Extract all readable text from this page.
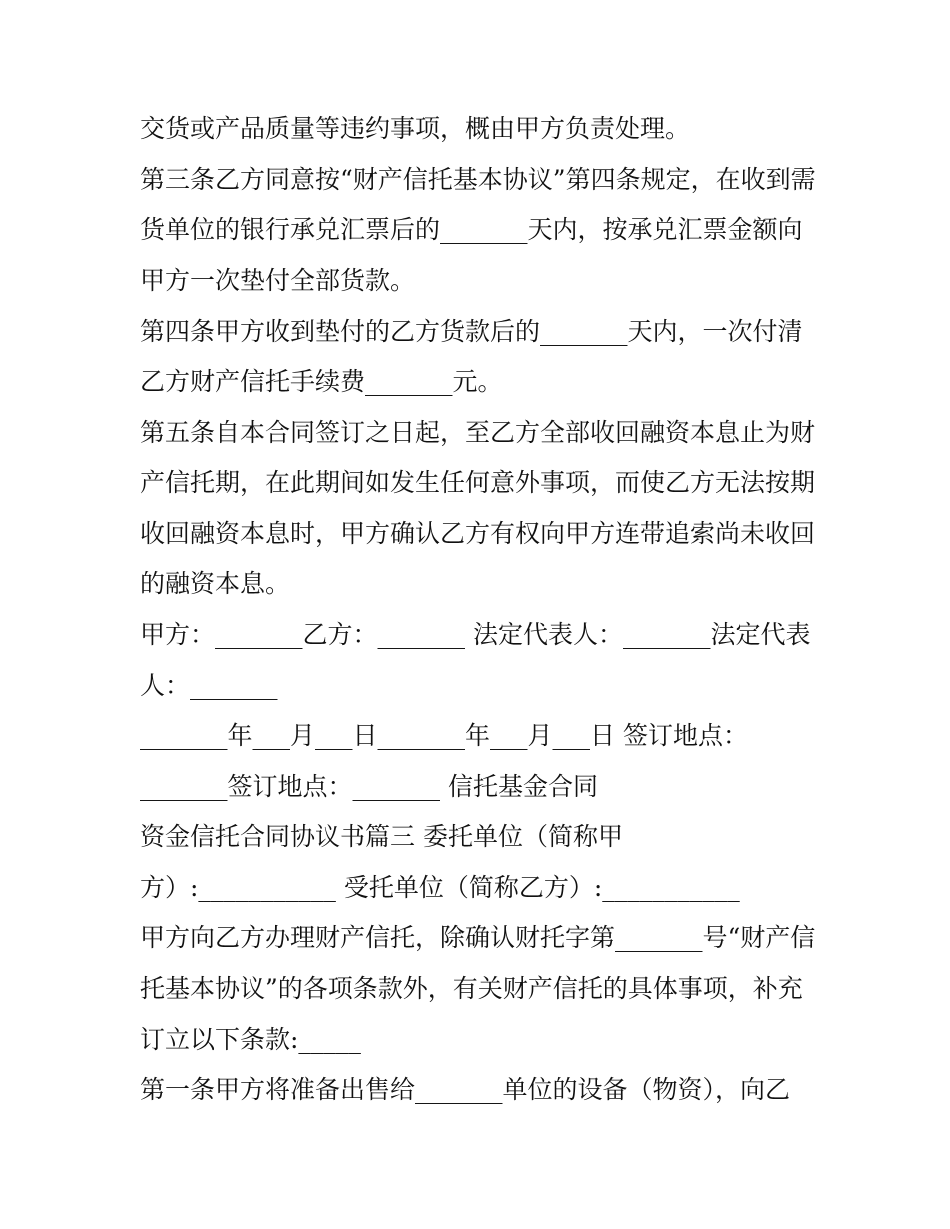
交货或产品质量等违约事项，概由甲方负责处理。

第三条乙方同意按“财产信托基本协议”第四条规定，在收到需

货单位的银行承兑汇票后的_______天内，按承兑汇票金额向

甲方一次垫付全部货款。

第四条甲方收到垫付的乙方货款后的_______天内，一次付清

乙方财产信托手续费_______元。

第五条自本合同签订之日起，至乙方全部收回融资本息止为财

产信托期，在此期间如发生任何意外事项，而使乙方无法按期

收回融资本息时，甲方确认乙方有权向甲方连带追索尚未收回

的融资本息。

甲方：_______乙方：_______ 法定代表人：_______法定代表

人：_______

_______年___月___日_______年___月___日 签订地点：

_______签订地点：_______ 信托基金合同

资金信托合同协议书篇三 委托单位（简称甲

方）:___________ 受托单位（简称乙方）:___________

甲方向乙方办理财产信托，除确认财托字第_______号“财产信

托基本协议”的各项条款外，有关财产信托的具体事项，补充

订立以下条款:_____

第一条甲方将准备出售给_______单位的设备（物资），向乙
